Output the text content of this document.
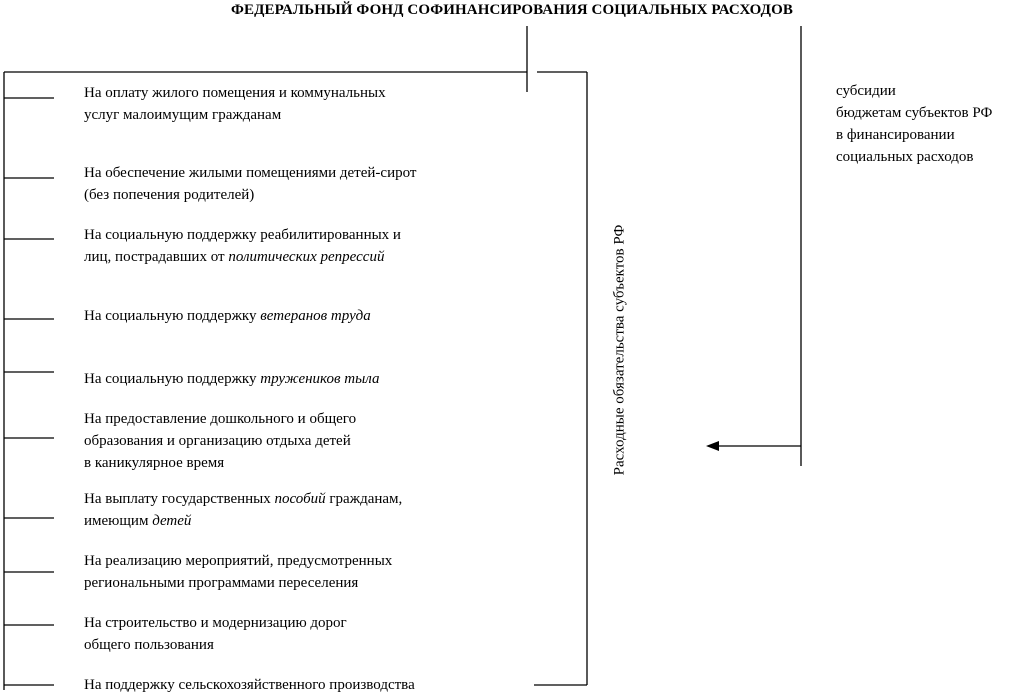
ФЕДЕРАЛЬНЫЙ ФОНД СОФИНАНСИРОВАНИЯ СОЦИАЛЬНЫХ РАСХОДОВ
На оплату жилого помещения и коммунальных
услуг малоимущим гражданам
На обеспечение жилыми помещениями детей-сирот
(без попечения родителей)
На социальную поддержку реабилитированных и
лиц, пострадавших от политических репрессий
На социальную поддержку ветеранов труда
На социальную поддержку тружеников тыла
На предоставление дошкольного и общего
образования и организацию отдыха детей
в каникулярное время
На выплату государственных пособий гражданам,
имеющим детей
На реализацию мероприятий, предусмотренных
региональными программами переселения
На строительство и модернизацию дорог
общего пользования
На поддержку сельскохозяйственного производства
Расходные обязательства субъектов РФ
субсидии
бюджетам субъектов РФ
в финансировании
социальных расходов
